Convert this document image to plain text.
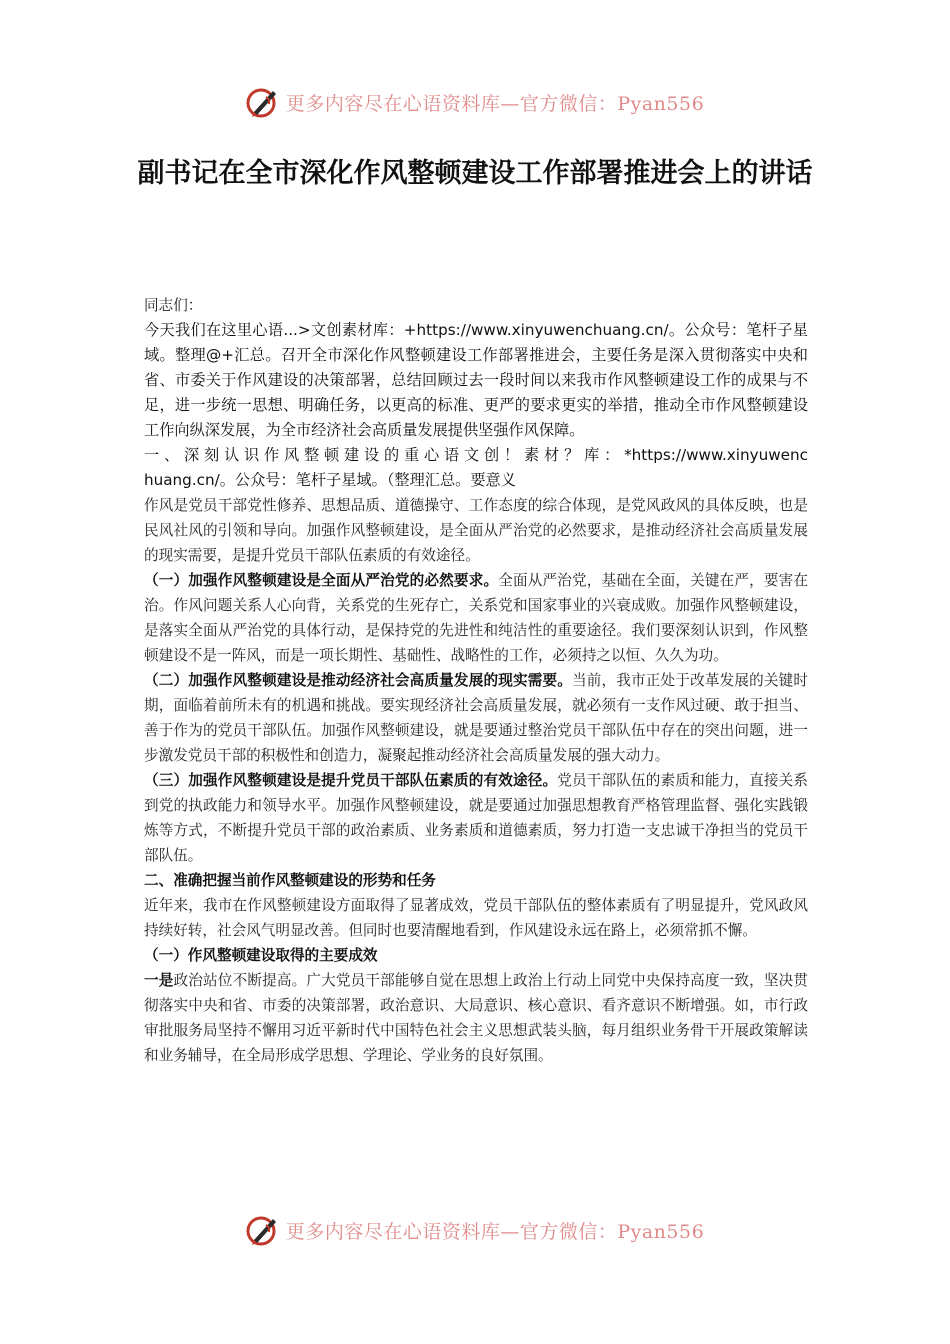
更多内容尽在心语资料库—官方微信：Pyan556
副书记在全市深化作风整顿建设工作部署推进会上的讲话

同志们：

今天我们在这里心语...>文创素材库：+https://www.xinyuwenchuang.cn/。公众号：笔杆子星域。整理@+汇总。召开全市深化作风整顿建设工作部署推进会，主要任务是深入贯彻落实中央和省、市委关于作风建设的决策部署，总结回顾过去一段时间以来我市作风整顿建设工作的成果与不足，进一步统一思想、明确任务，以更高的标准、更严的要求更实的举措，推动全市作风整顿建设工作向纵深发展，为全市经济社会高质量发展提供坚强作风保障。

一、深刻认识作风整顿建设的重心语文创！素材？库：*https://www.xinyuwenchuang.cn/。公众号：笔杆子星域。（整理汇总。要意义

作风是党员干部党性修养、思想品质、道德操守、工作态度的综合体现，是党风政风的具体反映，也是民风社风的引领和导向。加强作风整顿建设，是全面从严治党的必然要求，是推动经济社会高质量发展的现实需要，是提升党员干部队伍素质的有效途径。

（一）加强作风整顿建设是全面从严治党的必然要求。全面从严治党，基础在全面，关键在严，要害在治。作风问题关系人心向背，关系党的生死存亡，关系党和国家事业的兴衰成败。加强作风整顿建设，是落实全面从严治党的具体行动，是保持党的先进性和纯洁性的重要途径。我们要深刻认识到，作风整顿建设不是一阵风，而是一项长期性、基础性、战略性的工作，必须持之以恒、久久为功。

（二）加强作风整顿建设是推动经济社会高质量发展的现实需要。当前，我市正处于改革发展的关键时期，面临着前所未有的机遇和挑战。要实现经济社会高质量发展，就必须有一支作风过硬、敢于担当、善于作为的党员干部队伍。加强作风整顿建设，就是要通过整治党员干部队伍中存在的突出问题，进一步激发党员干部的积极性和创造力，凝聚起推动经济社会高质量发展的强大动力。

（三）加强作风整顿建设是提升党员干部队伍素质的有效途径。党员干部队伍的素质和能力，直接关系到党的执政能力和领导水平。加强作风整顿建设，就是要通过加强思想教育严格管理监督、强化实践锻炼等方式，不断提升党员干部的政治素质、业务素质和道德素质，努力打造一支忠诚干净担当的党员干部队伍。

二、准确把握当前作风整顿建设的形势和任务

近年来，我市在作风整顿建设方面取得了显著成效，党员干部队伍的整体素质有了明显提升，党风政风持续好转，社会风气明显改善。但同时也要清醒地看到，作风建设永远在路上，必须常抓不懈。

（一）作风整顿建设取得的主要成效

一是政治站位不断提高。广大党员干部能够自觉在思想上政治上行动上同党中央保持高度一致，坚决贯彻落实中央和省、市委的决策部署，政治意识、大局意识、核心意识、看齐意识不断增强。如，市行政审批服务局坚持不懈用习近平新时代中国特色社会主义思想武装头脑，每月组织业务骨干开展政策解读和业务辅导，在全局形成学思想、学理论、学业务的良好氛围。

更多内容尽在心语资料库—官方微信：Pyan556
